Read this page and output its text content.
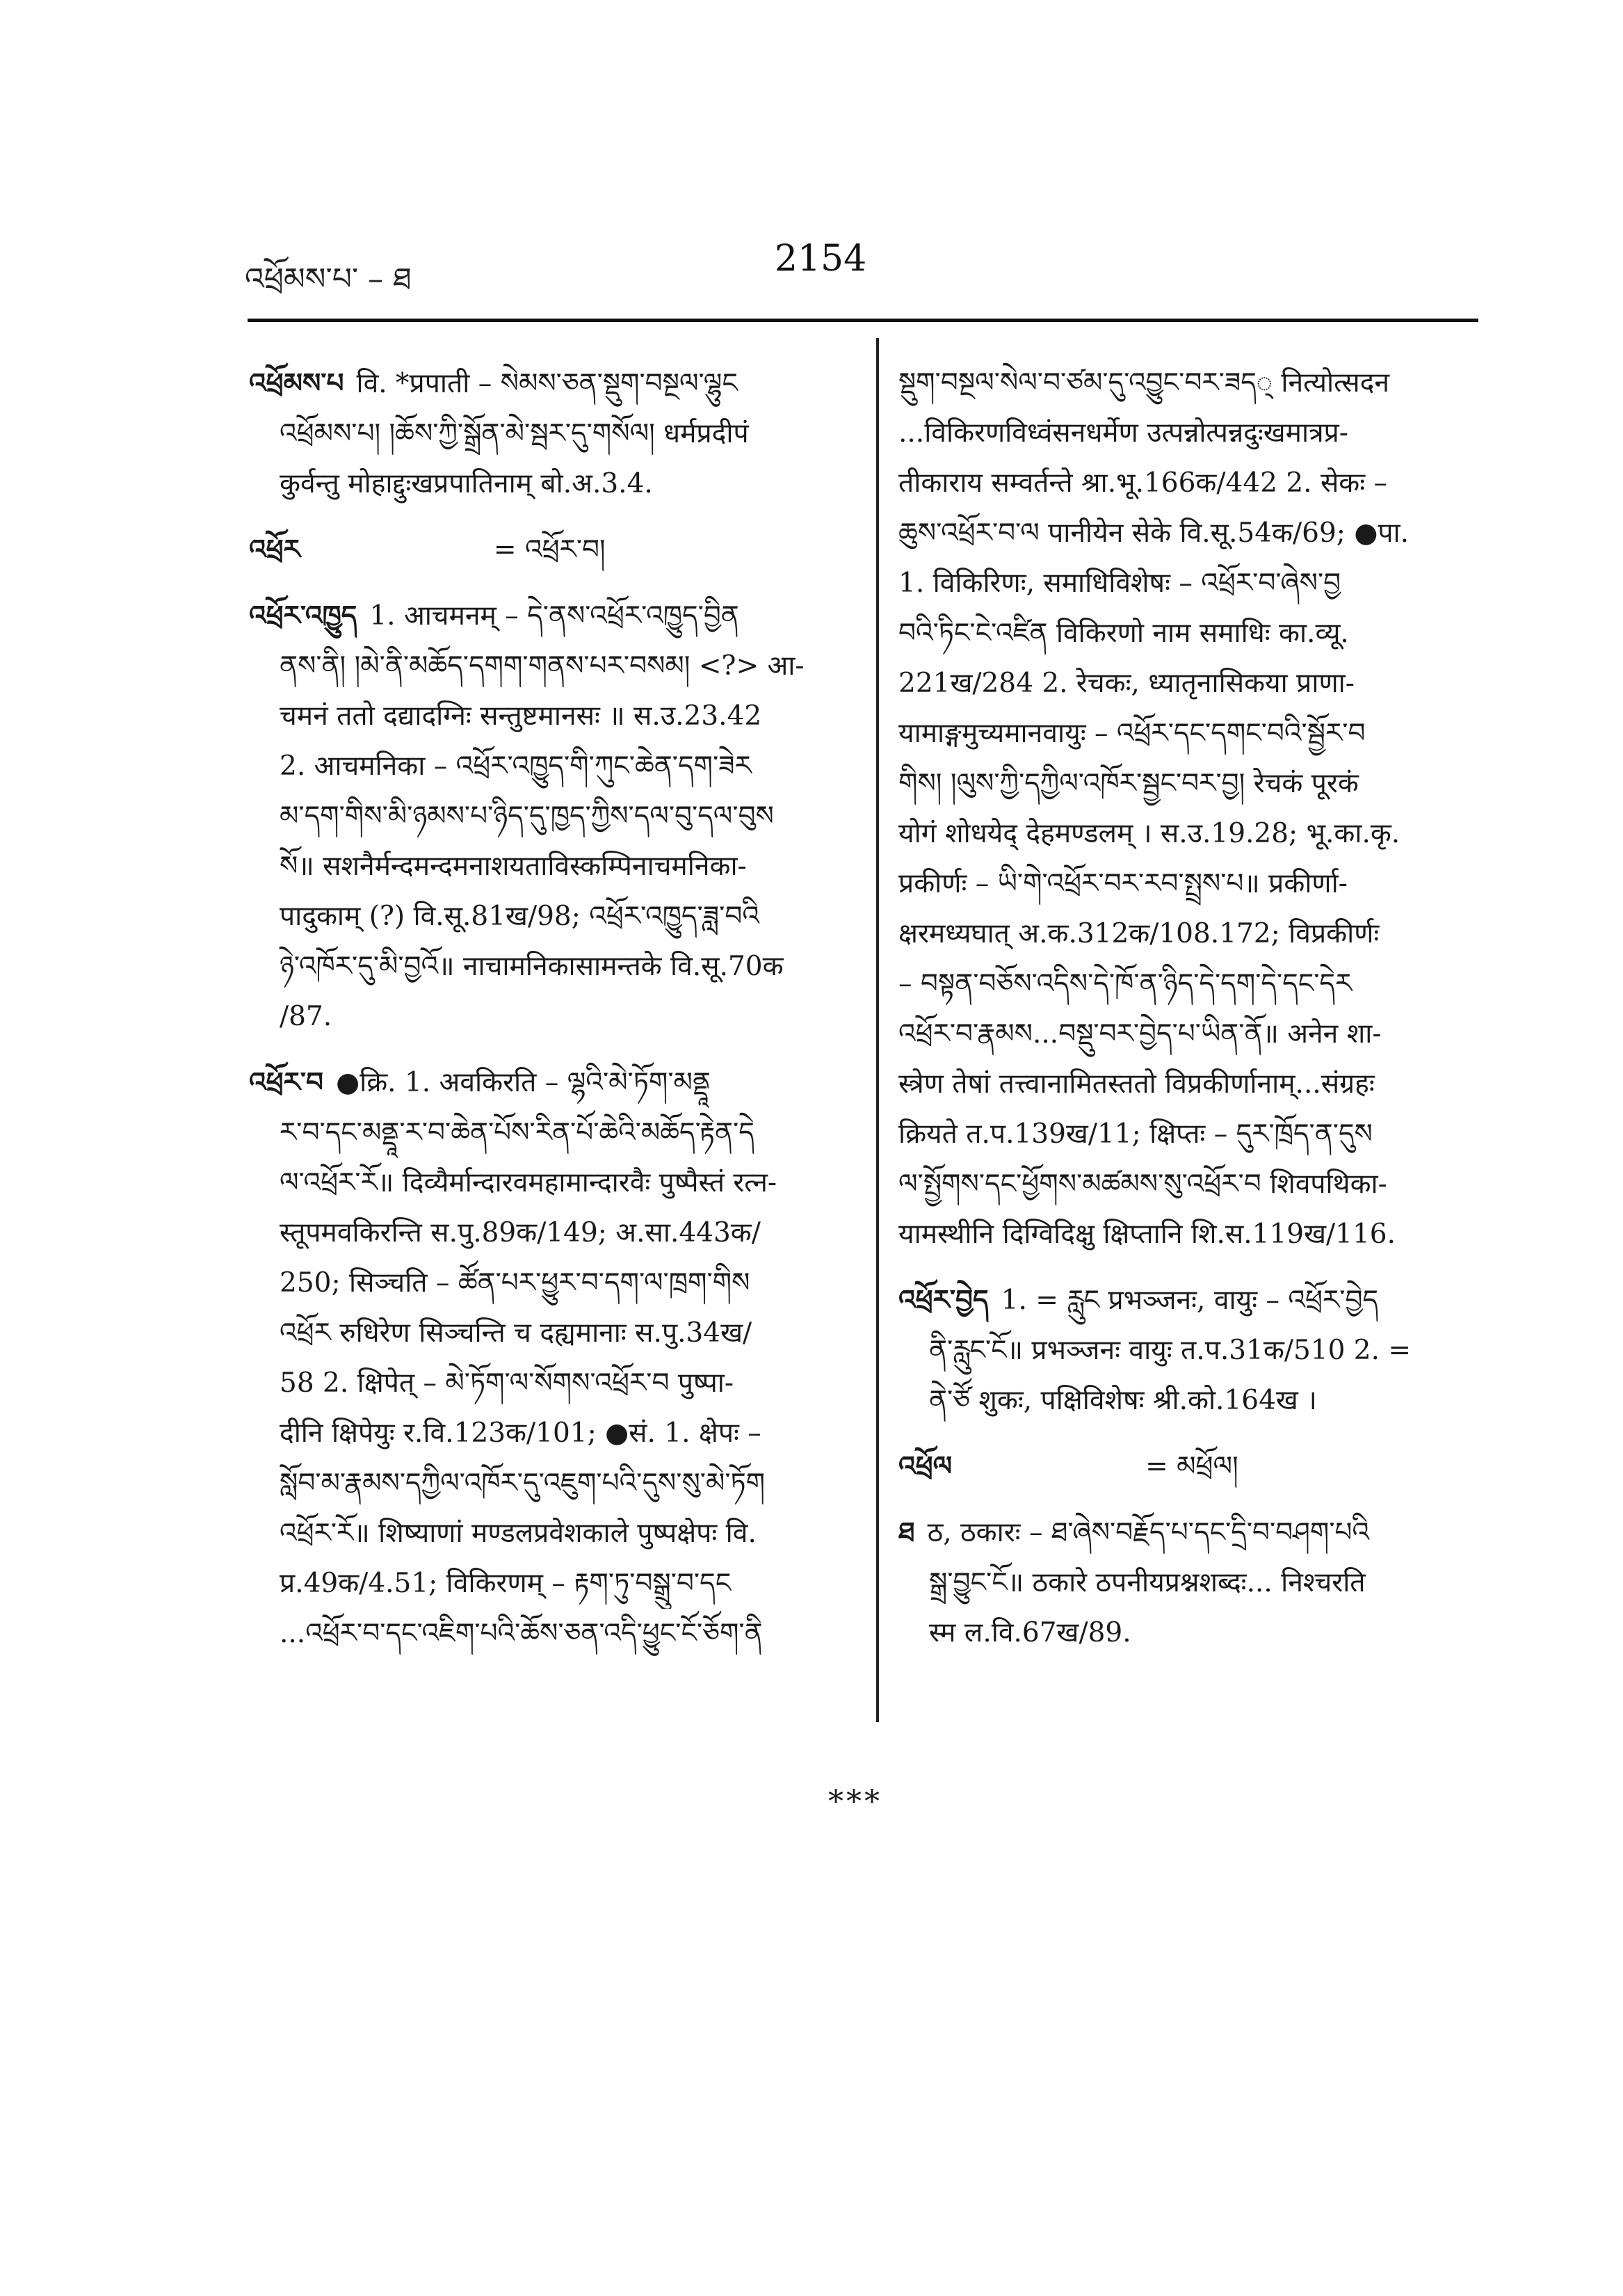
འཕྲོམས་པ་ – ཐ	2154
འཕྲོམས་པ वि. *प्रपाती – སེམས་ཅན་སྡུག་བསྔལ་ལྷུང
འཕྲོམས་པ། །ཆོས་ཀྱི་སྒྲོན་མེ་སྦར་དུ་གསོལ། धर्मप्रदीपं
कुर्वन्तु मोहाद्दुःखप्रपातिनाम् बो.अ.3.4.
འཕྲོར	= འཕྲོར་བ།
འཕྲོར་འཁྱུད 1. आचमनम् – དེ་ནས་འཕྲོར་འཁྱུད་བྱིན
ནས་ནི། །མེ་ནི་མཆོད་དགག་གནས་པར་བསམ། <?> आ-
चमनं ततो दद्यादग्निः सन्तुष्टमानसः ॥ स.उ.23.42
2. आचमनिका – འཕྲོར་འཁྱུད་གི་ཀུང་ཆེན་དག་ཟེར
མ་དག་གིས་མི་ཉམས་པ་ཉིད་དུ་ཁྱད་ཀྱིས་དལ་བུ་དལ་བུས
སོ॥ सशनैर्मन्दमन्दमनाशयताविस्कम्पिनाचमनिका-
पादुकाम् (?) वि.सू.81ख/98; འཕྲོར་འཁྱུད་ཟླ་བའི
ཉེ་འཁོར་དུ་མི་བྱའོ॥ नाचामनिकासामन्तके वि.सू.70क
/87.
འཕྲོར་བ ●क्रि. 1. अवकिरति – ལྷའི་མེ་ཏོག་མནྡཱ
ར་བ་དང་མནྡཱ་ར་བ་ཆེན་པོས་རིན་པོ་ཆེའི་མཆོད་རྟེན་དེ
ལ་འཕྲོར་རོ॥ दिव्यैर्मान्दारवमहामान्दारवैः पुष्पैस्तं रत्न-
स्तूपमवकिरन्ति स.पु.89क/149; अ.सा.443क/
250; सिञ्चति – ཚོན་པར་ཕྱུར་བ་དག་ལ་ཁྲག་གིས
འཕྲོར रुधिरेण सिञ्चन्ति च दह्यमानाः स.पु.34ख/
58 2. क्षिपेत् – མེ་ཏོག་ལ་སོགས་འཕྲོར་བ पुष्पा-
दीनि क्षिपेयुः र.वि.123क/101; ●सं. 1. क्षेपः –
སློབ་མ་རྣམས་དཀྱིལ་འཁོར་དུ་འཇུག་པའི་དུས་སུ་མེ་ཏོག
འཕྲོར་རོ॥ शिष्याणां मण्डलप्रवेशकाले पुष्पक्षेपः वि.
प्र.49क/4.51; विकिरणम् – རྟག་ཏུ་བསྒྲུ་བ་དང
...འཕྲོར་བ་དང་འཇིག་པའི་ཆོས་ཅན་འདི་ཕྱུང་ངོ་ཅོག་ནི
སྡུག་བསྔལ་སེལ་བ་ཙམ་དུ་འབྱུང་བར་ཟད् नित्योत्सदन
...विकिरणविध्वंसनधर्मेण उत्पन्नोत्पन्नदुःखमात्रप्र-
तीकाराय सम्वर्तन्ते श्रा.भू.166क/442 2. सेकः –
ཆུས་འཕྲོར་བ་ལ पानीयेन सेके वि.सू.54क/69; ●पा.
1. विकिरिणः, समाधिविशेषः – འཕྲོར་བ་ཞེས་བྱ
བའི་ཏིང་ངེ་འཛིན विकिरणो नाम समाधिः का.व्यू.
221ख/284 2. रेचकः, ध्यातृनासिकया प्राणा-
यामाङ्गमुच्यमानवायुः – འཕྲོར་དང་དགང་བའི་སྦྱོར་བ
གིས། །ལུས་ཀྱི་དཀྱིལ་འཁོར་སྦྱང་བར་བྱ། रेचकं पूरकं
योगं शोधयेद् देहमण्डलम् । स.उ.19.28; भू.का.कृ.
प्रकीर्णः – ཡི་གེ་འཕྲོར་བར་རབ་སྤྲས་པ॥ प्रकीर्णा-
क्षरमध्यघात् अ.क.312क/108.172; विप्रकीर्णः
– བསྟན་བཅོས་འདིས་དེ་ཁོ་ན་ཉིད་དེ་དག་དེ་དང་དེར
འཕྲོར་བ་རྣམས...བསྡུ་བར་བྱེད་པ་ཡིན་ནོ॥ अनेन शा-
स्त्रेण तेषां तत्त्वानामितस्ततो विप्रकीर्णानाम्...संग्रहः
क्रियते त.प.139ख/11; क्षिप्तः – དུར་ཁྲོད་ན་དུས
ལ་སྤྱོགས་དང་ཕྱོགས་མཚམས་སུ་འཕྲོར་བ शिवपथिका-
यामस्थीनि दिग्विदिक्षु क्षिप्तानि शि.स.119ख/116.
འཕྲོར་བྱེད 1. = རླུང प्रभञ्जनः, वायुः – འཕྲོར་བྱེད
ནི་རླུང་ངོ॥ प्रभञ्जनः वायुः त.प.31क/510 2. =
ནེ་ཙོ शुकः, पक्षिविशेषः श्री.को.164ख ।
འཕྲོལ	= མཕྲོལ།
ཐ ठ, ठकारः – ཐ་ཞེས་བརྗོད་པ་དང་དྲི་བ་བཤག་པའི
སྒྲ་བྱུང་ངོ॥ ठकारे ठपनीयप्रश्नशब्दः... निश्चरति
स्म ल.वि.67ख/89.
***
